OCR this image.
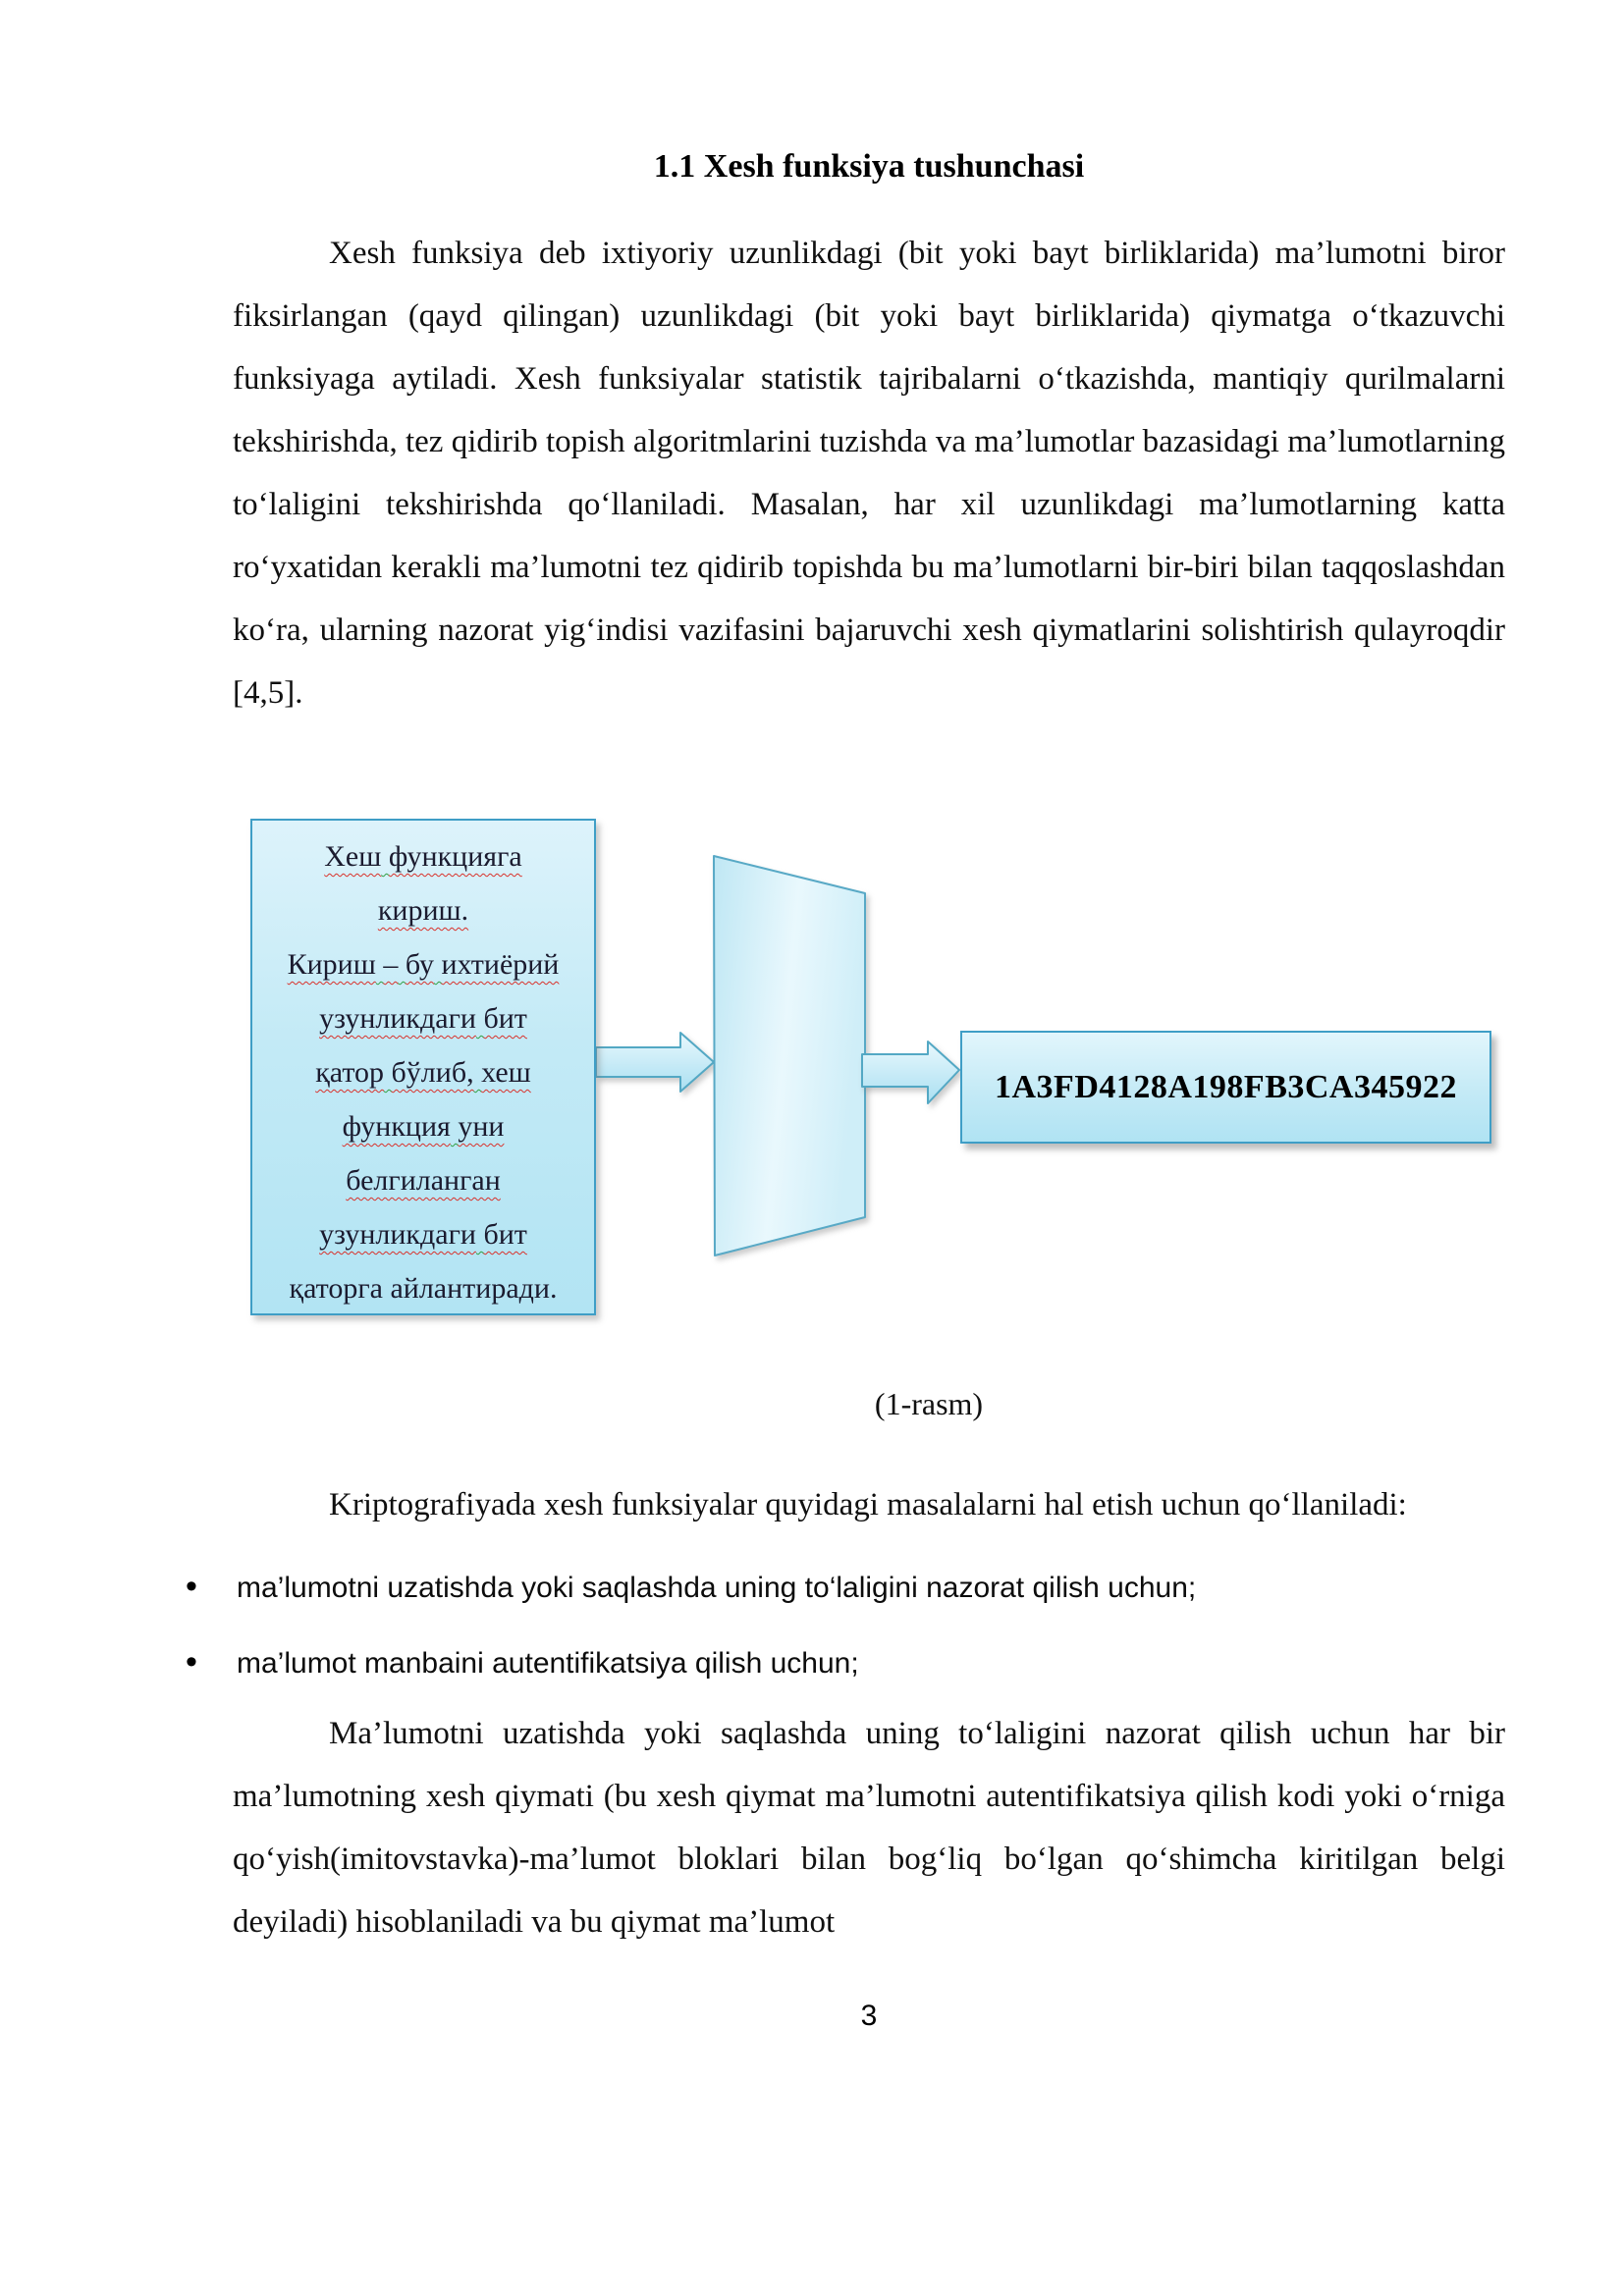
1.1 Xesh funksiya tushunchasi

Xesh funksiya deb ixtiyoriy uzunlikdagi (bit yoki bayt birliklarida) ma’lumotni biror fiksirlangan (qayd qilingan) uzunlikdagi (bit yoki bayt birliklarida) qiymatga o‘tkazuvchi funksiyaga aytiladi. Xesh funksiyalar statistik tajribalarni o‘tkazishda, mantiqiy qurilmalarni tekshirishda, tez qidirib topish algoritmlarini tuzishda va ma’lumotlar bazasidagi ma’lumotlarning to‘laligini tekshirishda qo‘llaniladi. Masalan, har xil uzunlikdagi ma’lumotlarning katta ro‘yxatidan kerakli ma’lumotni tez qidirib topishda bu ma’lumotlarni bir-biri bilan taqqoslashdan ko‘ra, ularning nazorat yig‘indisi vazifasini bajaruvchi xesh qiymatlarini solishtirish qulayroqdir [4,5].

Хеш функцияга
кириш.
Кириш – бу ихтиёрий
узунликдаги бит
қатор бўлиб, хеш
функция уни
белгиланган
узунликдаги бит
қаторга айлантиради.
1A3FD4128A198FB3CA345922
(1-rasm)

Kriptografiyada xesh funksiyalar quyidagi masalalarni hal etish uchun qo‘llaniladi:

• ma’lumotni uzatishda yoki saqlashda uning to‘laligini nazorat qilish uchun;
• ma’lumot manbaini autentifikatsiya qilish uchun;

Ma’lumotni uzatishda yoki saqlashda uning to‘laligini nazorat qilish uchun har bir ma’lumotning xesh qiymati (bu xesh qiymat ma’lumotni autentifikatsiya qilish kodi yoki o‘rniga qo‘yish(imitovstavka)-ma’lumot bloklari bilan bog‘liq bo‘lgan qo‘shimcha kiritilgan belgi deyiladi) hisoblaniladi va bu qiymat ma’lumot

3
